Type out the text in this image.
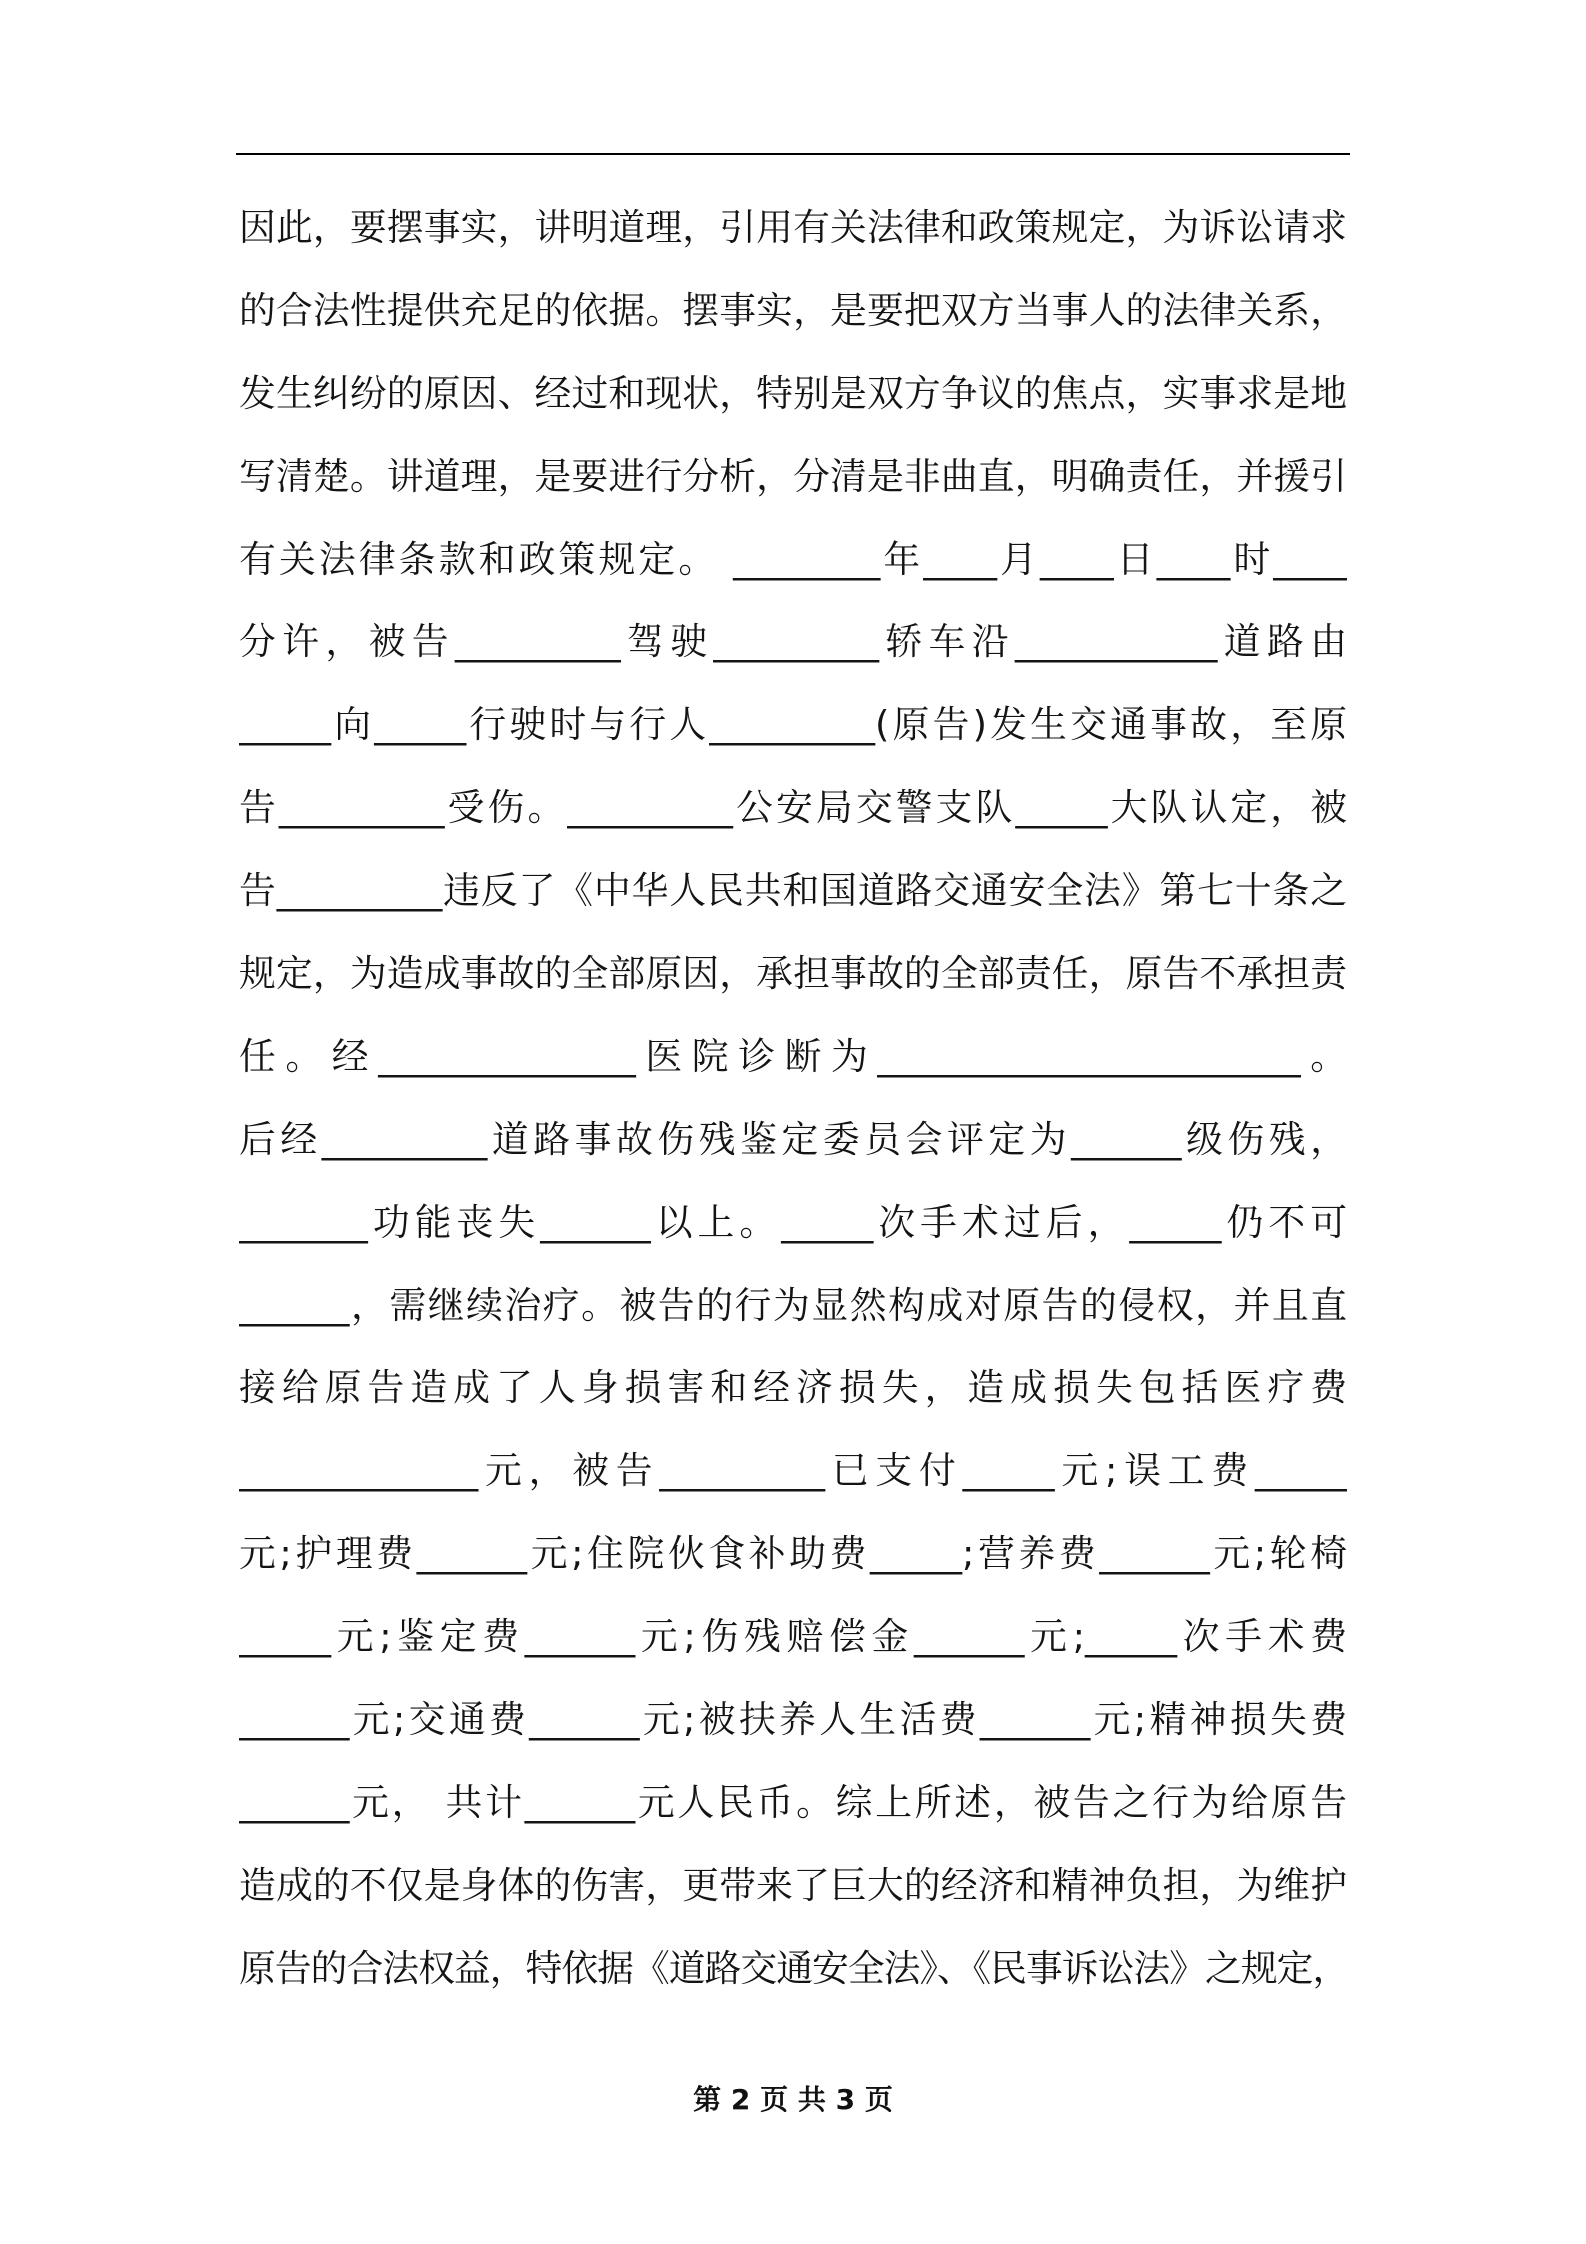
因此，要摆事实，讲明道理，引用有关法律和政策规定，为诉讼请求
的合法性提供充足的依据。摆事实，是要把双方当事人的法律关系，
发生纠纷的原因、经过和现状，特别是双方争议的焦点，实事求是地
写清楚。讲道理，是要进行分析，分清是非曲直，明确责任，并援引
有关法律条款和政策规定。 ________年____月____日____时____
分许，被告_________驾驶_________轿车沿___________道路由
_____向_____行驶时与行人_________(原告)发生交通事故，至原
告_________受伤。_________公安局交警支队_____大队认定，被
告_________违反了《中华人民共和国道路交通安全法》第七十条之
规定，为造成事故的全部原因，承担事故的全部责任，原告不承担责
任。经______________医院诊断为_______________________。
后经_________道路事故伤残鉴定委员会评定为______级伤残，
_______功能丧失______以上。_____次手术过后，_____仍不可
______，需继续治疗。被告的行为显然构成对原告的侵权，并且直
接给原告造成了人身损害和经济损失，造成损失包括医疗费
_____________元，被告_________已支付_____元;误工费_____
元;护理费______元;住院伙食补助费_____;营养费______元;轮椅
_____元;鉴定费______元;伤残赔偿金______元;_____次手术费
______元;交通费______元;被扶养人生活费______元;精神损失费
______元， 共计______元人民币。综上所述，被告之行为给原告
造成的不仅是身体的伤害，更带来了巨大的经济和精神负担，为维护
原告的合法权益，特依据《道路交通安全法》、《民事诉讼法》之规定，
第 2 页 共 3 页
